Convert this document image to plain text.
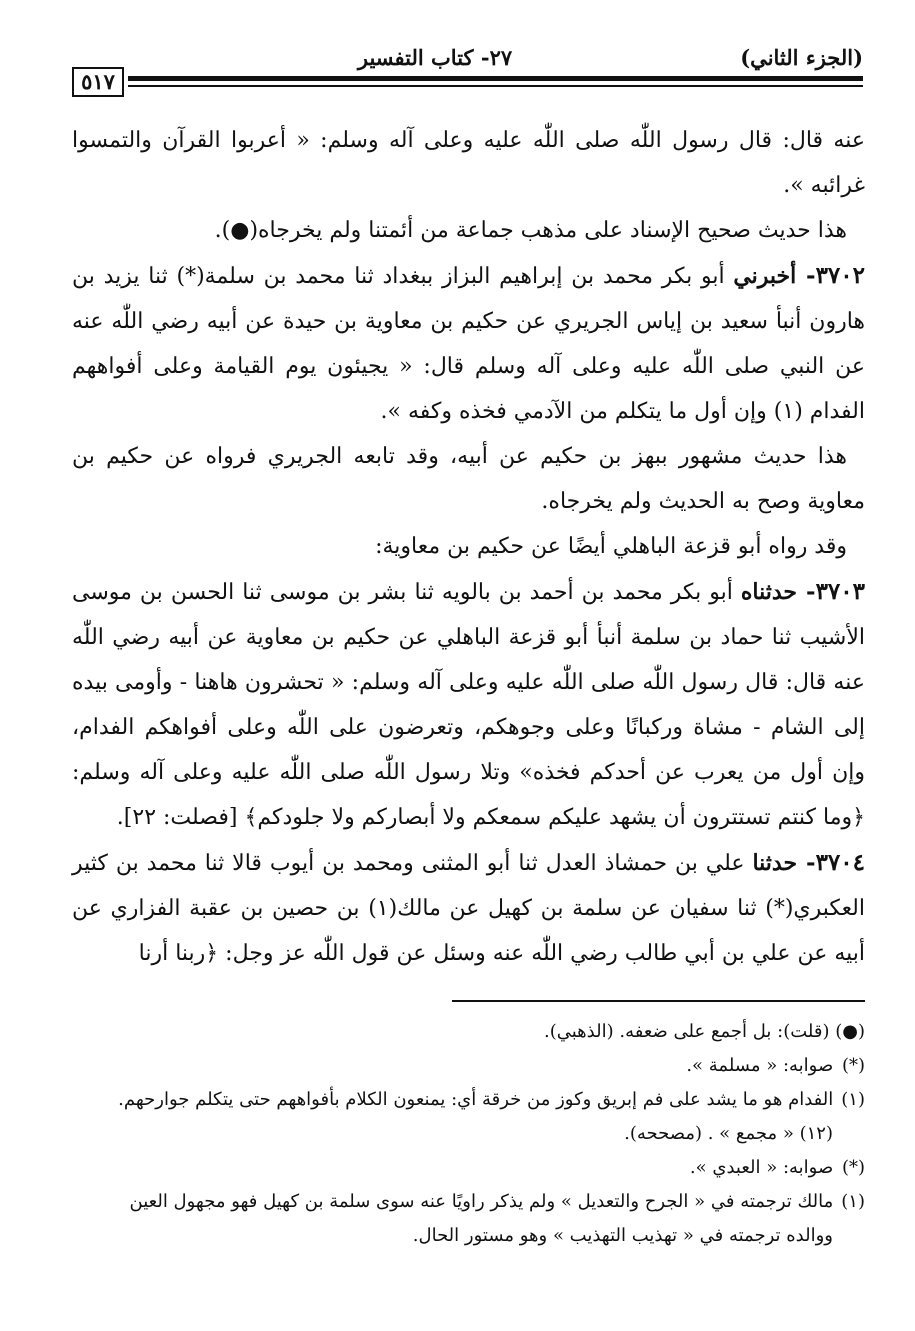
(الجزء الثاني)
٢٧- كتاب التفسير
٥١٧

عنه قال: قال رسول اللّٰه صلى اللّٰه عليه وعلى آله وسلم: « أعربوا القرآن والتمسوا غرائبه ».

هذا حديث صحيح الإسناد على مذهب جماعة من أئمتنا ولم يخرجاه(●).

٣٧٠٢- أخبرني أبو بكر محمد بن إبراهيم البزاز ببغداد ثنا محمد بن سلمة(*) ثنا يزيد بن هارون أنبأ سعيد بن إياس الجريري عن حكيم بن معاوية بن حيدة عن أبيه رضي اللّٰه عنه عن النبي صلى اللّٰه عليه وعلى آله وسلم قال: « يجيئون يوم القيامة وعلى أفواههم الفدام (١) وإن أول ما يتكلم من الآدمي فخذه وكفه ».

هذا حديث مشهور ببهز بن حكيم عن أبيه، وقد تابعه الجريري فرواه عن حكيم بن معاوية وصح به الحديث ولم يخرجاه.

وقد رواه أبو قزعة الباهلي أيضًا عن حكيم بن معاوية:

٣٧٠٣- حدثناه أبو بكر محمد بن أحمد بن بالويه ثنا بشر بن موسى ثنا الحسن بن موسى الأشيب ثنا حماد بن سلمة أنبأ أبو قزعة الباهلي عن حكيم بن معاوية عن أبيه رضي اللّٰه عنه قال: قال رسول اللّٰه صلى اللّٰه عليه وعلى آله وسلم: « تحشرون هاهنا - وأومى بيده إلى الشام - مشاة وركبانًا وعلى وجوهكم، وتعرضون على اللّٰه وعلى أفواهكم الفدام، وإن أول من يعرب عن أحدكم فخذه» وتلا رسول اللّٰه صلى اللّٰه عليه وعلى آله وسلم: ﴿وما كنتم تستترون أن يشهد عليكم سمعكم ولا أبصاركم ولا جلودكم﴾ [فصلت: ٢٢].

٣٧٠٤- حدثنا علي بن حمشاذ العدل ثنا أبو المثنى ومحمد بن أيوب قالا ثنا محمد بن كثير العكبري(*) ثنا سفيان عن سلمة بن كهيل عن مالك(١) بن حصين بن عقبة الفزاري عن أبيه عن علي بن أبي طالب رضي اللّٰه عنه وسئل عن قول اللّٰه عز وجل: ﴿ربنا أرنا

(●) (قلت): بل أجمع على ضعفه. (الذهبي).

(*) صوابه: « مسلمة ».

(١) الفدام هو ما يشد على فم إبريق وكوز من خرقة أي: يمنعون الكلام بأفواههم حتى يتكلم جوارحهم.

(١٢) « مجمع » . (مصححه).

(*) صوابه: « العبدي ».

(١) مالك ترجمته في « الجرح والتعديل » ولم يذكر راويًا عنه سوى سلمة بن كهيل فهو مجهول العين

ووالده ترجمته في « تهذيب التهذيب » وهو مستور الحال.
